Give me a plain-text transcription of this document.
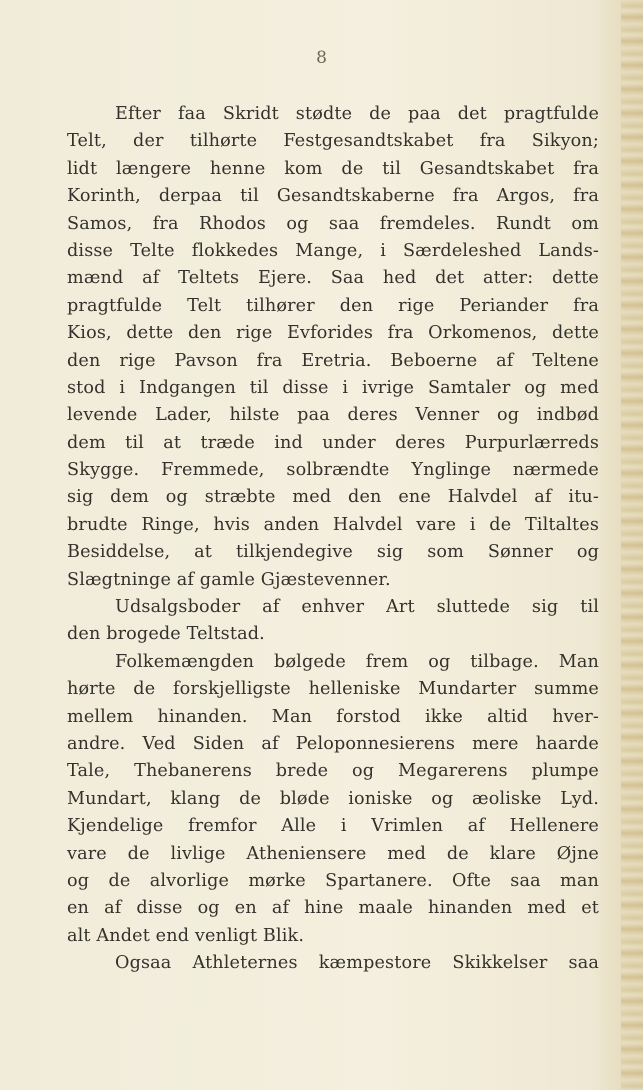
8
Efter faa Skridt stødte de paa det pragtfulde
Telt, der tilhørte Festgesandtskabet fra Sikyon;
lidt længere henne kom de til Gesandtskabet fra
Korinth, derpaa til Gesandtskaberne fra Argos, fra
Samos, fra Rhodos og saa fremdeles. Rundt om
disse Telte flokkedes Mange, i Særdeleshed Lands-
mænd af Teltets Ejere. Saa hed det atter: dette
pragtfulde Telt tilhører den rige Periander fra
Kios, dette den rige Evforides fra Orkomenos, dette
den rige Pavson fra Eretria. Beboerne af Teltene
stod i Indgangen til disse i ivrige Samtaler og med
levende Lader, hilste paa deres Venner og indbød
dem til at træde ind under deres Purpurlærreds
Skygge. Fremmede, solbrændte Ynglinge nærmede
sig dem og stræbte med den ene Halvdel af itu-
brudte Ringe, hvis anden Halvdel vare i de Tiltaltes
Besiddelse, at tilkjendegive sig som Sønner og
Slægtninge af gamle Gjæstevenner.
Udsalgsboder af enhver Art sluttede sig til
den brogede Teltstad.
Folkemængden bølgede frem og tilbage. Man
hørte de forskjelligste helleniske Mundarter summe
mellem hinanden. Man forstod ikke altid hver-
andre. Ved Siden af Peloponnesierens mere haarde
Tale, Thebanerens brede og Megarerens plumpe
Mundart, klang de bløde ioniske og æoliske Lyd.
Kjendelige fremfor Alle i Vrimlen af Hellenere
vare de livlige Atheniensere med de klare Øjne
og de alvorlige mørke Spartanere. Ofte saa man
en af disse og en af hine maale hinanden med et
alt Andet end venligt Blik.
Ogsaa Athleternes kæmpestore Skikkelser saa
